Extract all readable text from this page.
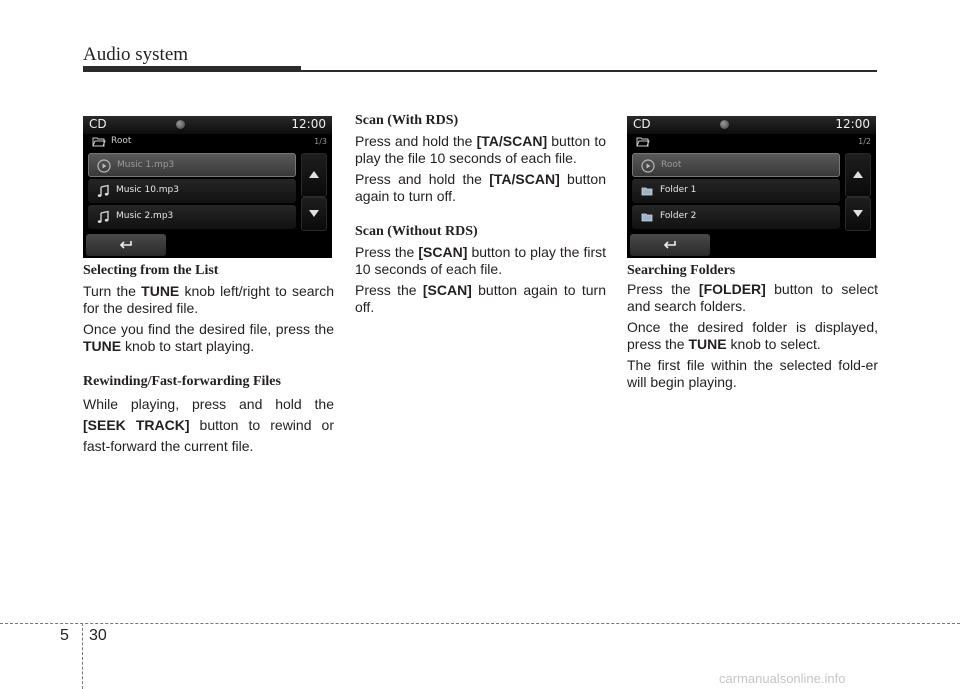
Audio system
CD	12:00
Root	1/3
Music 1.mp3
Music 10.mp3
Music 2.mp3
Selecting from the List

Turn the TUNE knob left/right to search for the desired file.

Once you find the desired file, press the TUNE knob to start playing.

Rewinding/Fast-forwarding Files

While playing, press and hold the [SEEK TRACK] button to rewind or fast-forward the current file.

Scan (With RDS)

Press and hold the [TA/SCAN] button to play the file 10 seconds of each file.

Press and hold the [TA/SCAN] button again to turn off.

Scan (Without RDS)

Press the [SCAN] button to play the first 10 seconds of each file.

Press the [SCAN] button again to turn off.

CD	12:00
1/2
Root
Folder 1
Folder 2
Searching Folders

Press the [FOLDER] button to select and search folders.

Once the desired folder is displayed, press the TUNE knob to select.

The first file within the selected fold-er will begin playing.

5 30
carmanualsonline.info
